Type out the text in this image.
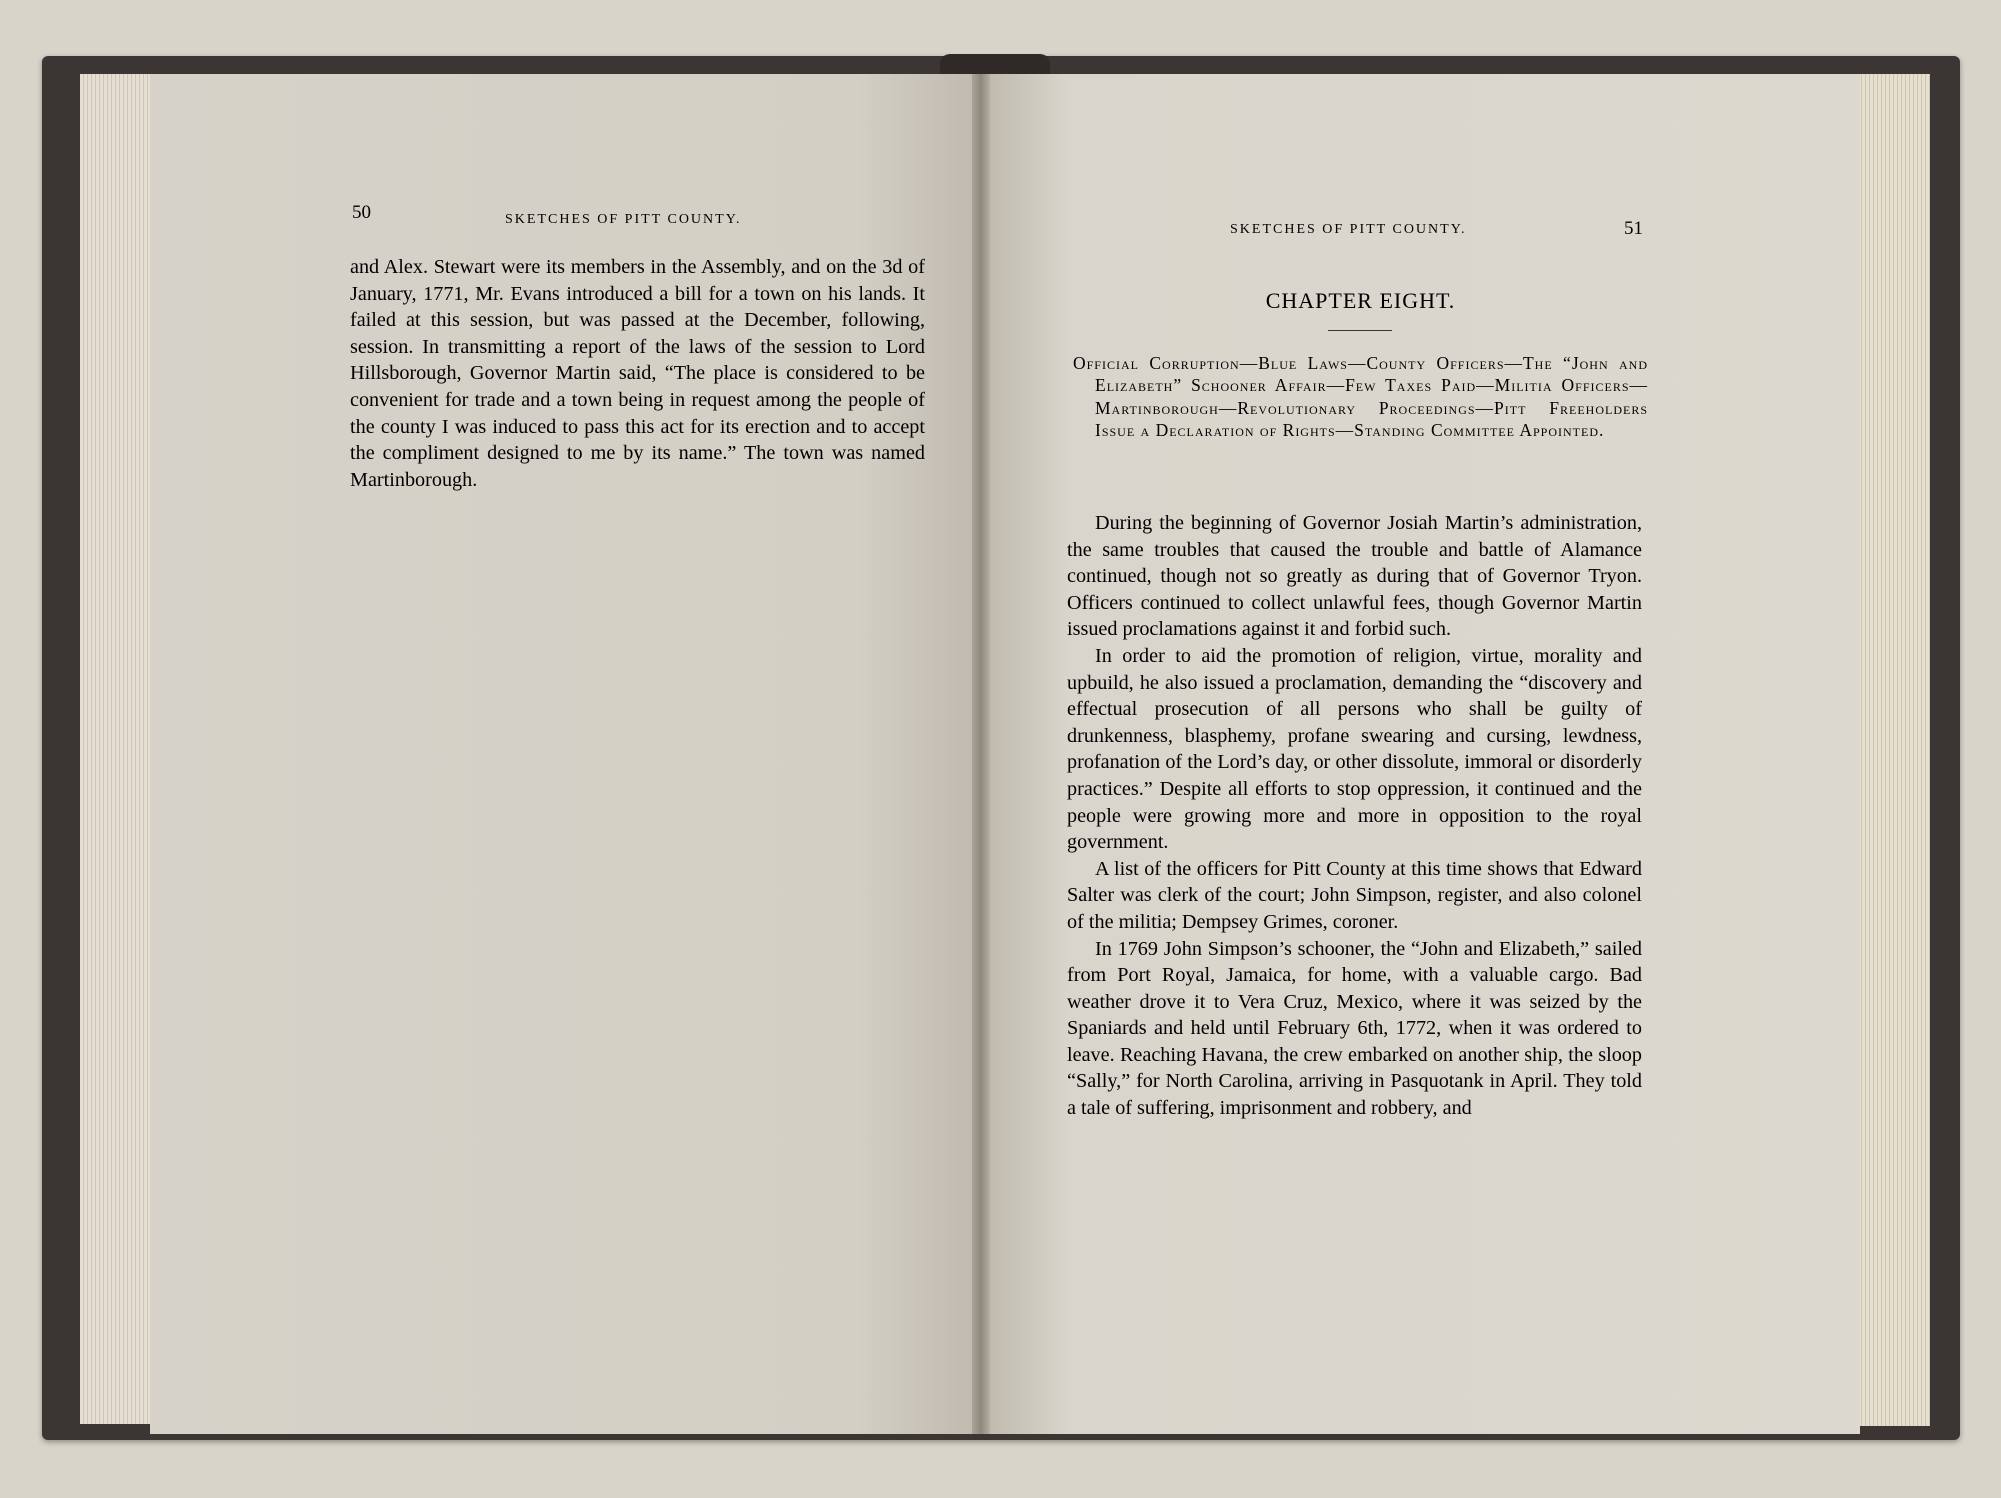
50	SKETCHES OF PITT COUNTY.

and Alex. Stewart were its members in the Assembly, and on the 3d of January, 1771, Mr. Evans introduced a bill for a town on his lands. It failed at this session, but was passed at the December, following, session. In transmitting a report of the laws of the session to Lord Hillsborough, Governor Martin said, “The place is considered to be convenient for trade and a town being in request among the people of the county I was induced to pass this act for its erection and to accept the compliment designed to me by its name.” The town was named Martinborough.

SKETCHES OF PITT COUNTY.	51
CHAPTER EIGHT.
Official Corruption—Blue Laws—County Officers—The “John and Elizabeth” Schooner Affair—Few Taxes Paid—Militia Officers—Martinborough—Revolutionary Proceedings—Pitt Freeholders Issue a Declaration of Rights—Standing Committee Appointed.

During the beginning of Governor Josiah Martin’s administration, the same troubles that caused the trouble and battle of Alamance continued, though not so greatly as during that of Governor Tryon. Officers continued to collect unlawful fees, though Governor Martin issued proclamations against it and forbid such.

In order to aid the promotion of religion, virtue, morality and upbuild, he also issued a proclamation, demanding the “discovery and effectual prosecution of all persons who shall be guilty of drunkenness, blasphemy, profane swearing and cursing, lewdness, profanation of the Lord’s day, or other dissolute, immoral or disorderly practices.” Despite all efforts to stop oppression, it continued and the people were growing more and more in opposition to the royal government.

A list of the officers for Pitt County at this time shows that Edward Salter was clerk of the court; John Simpson, register, and also colonel of the militia; Dempsey Grimes, coroner.

In 1769 John Simpson’s schooner, the “John and Elizabeth,” sailed from Port Royal, Jamaica, for home, with a valuable cargo. Bad weather drove it to Vera Cruz, Mexico, where it was seized by the Spaniards and held until February 6th, 1772, when it was ordered to leave. Reaching Havana, the crew embarked on another ship, the sloop “Sally,” for North Carolina, arriving in Pasquotank in April. They told a tale of suffering, imprisonment and robbery, and
